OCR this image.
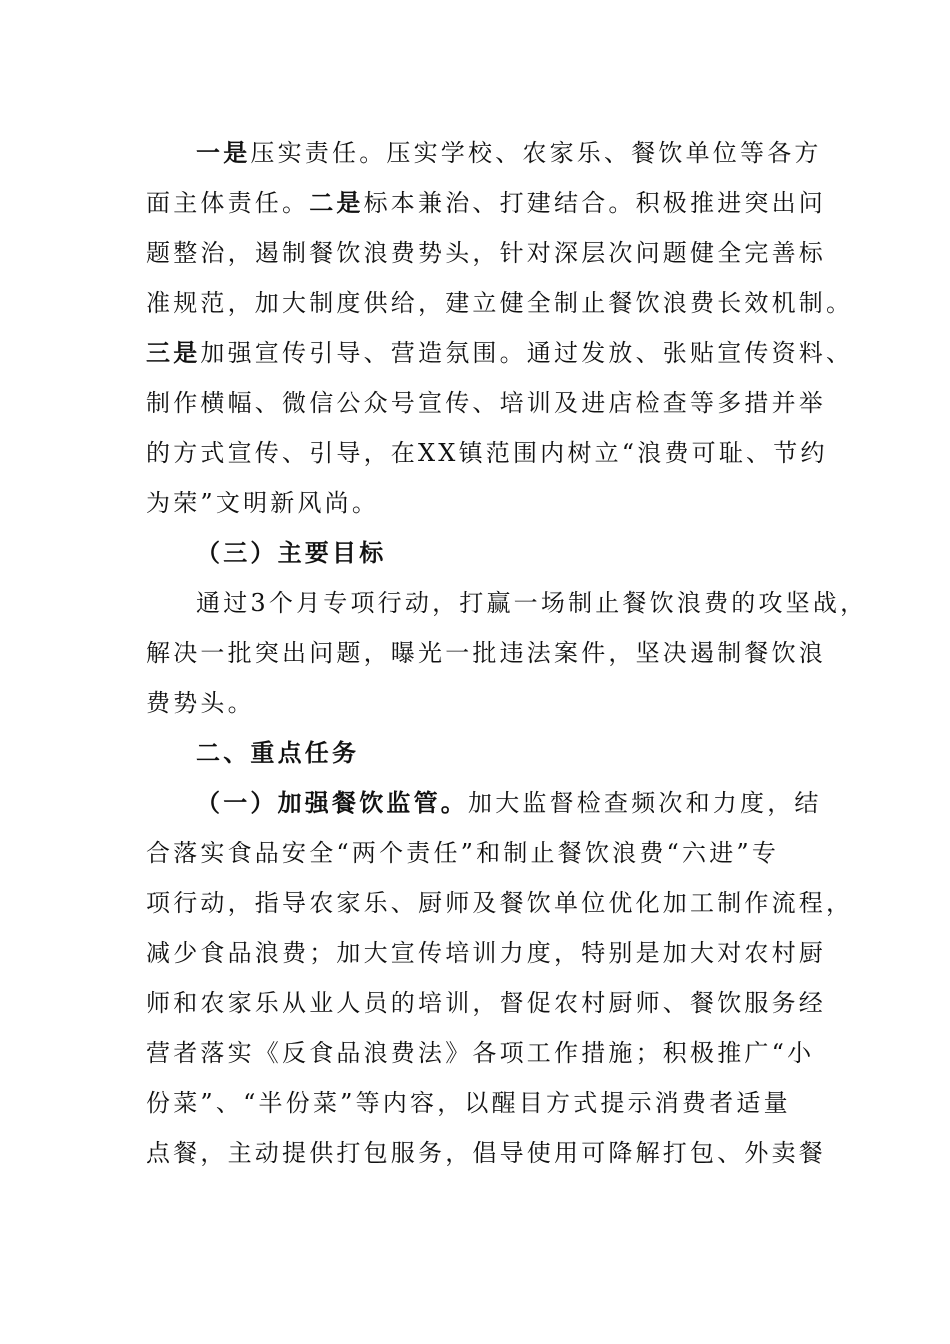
一是压实责任。压实学校、农家乐、餐饮单位等各方
面主体责任。二是标本兼治、打建结合。积极推进突出问
题整治，遏制餐饮浪费势头，针对深层次问题健全完善标
准规范，加大制度供给，建立健全制止餐饮浪费长效机制。
三是加强宣传引导、营造氛围。通过发放、张贴宣传资料、
制作横幅、微信公众号宣传、培训及进店检查等多措并举
的方式宣传、引导，在XX镇范围内树立“浪费可耻、节约
为荣”文明新风尚。
（三）主要目标
通过3个月专项行动，打赢一场制止餐饮浪费的攻坚战，
解决一批突出问题，曝光一批违法案件，坚决遏制餐饮浪
费势头。
二、重点任务
（一）加强餐饮监管。加大监督检查频次和力度，结
合落实食品安全“两个责任”和制止餐饮浪费“六进”专
项行动，指导农家乐、厨师及餐饮单位优化加工制作流程，
减少食品浪费；加大宣传培训力度，特别是加大对农村厨
师和农家乐从业人员的培训，督促农村厨师、餐饮服务经
营者落实《反食品浪费法》各项工作措施；积极推广“小
份菜”、“半份菜”等内容，以醒目方式提示消费者适量
点餐，主动提供打包服务，倡导使用可降解打包、外卖餐
